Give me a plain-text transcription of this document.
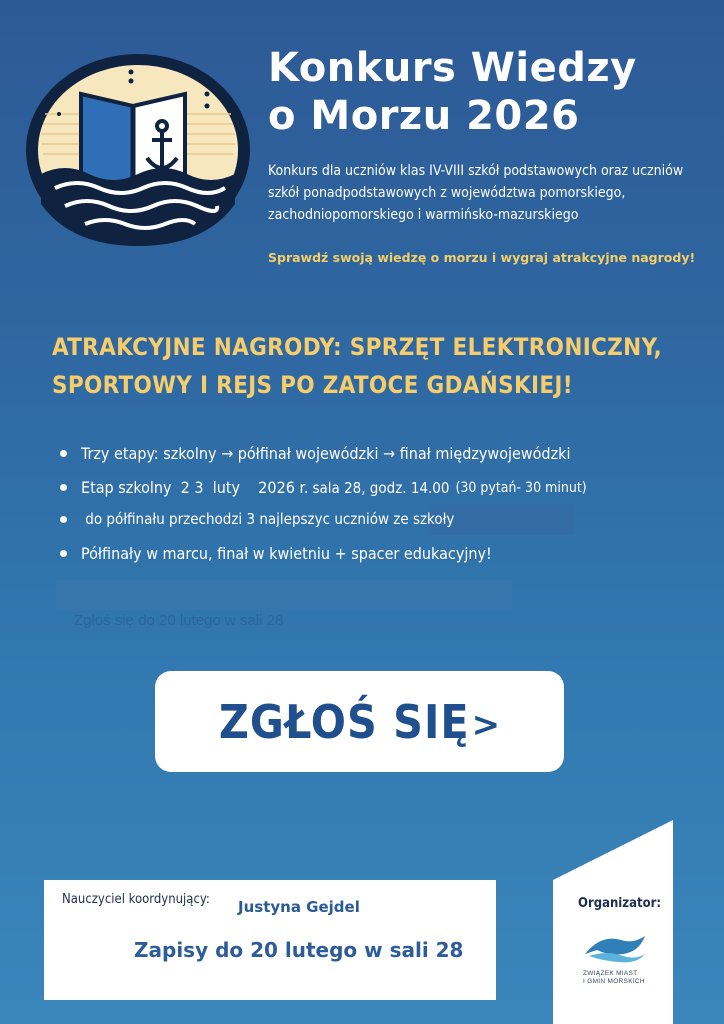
Konkurs Wiedzy
o Morzu 2026
Konkurs dla uczniów klas IV-VIII szkół podstawowych oraz uczniów szkół ponadpodstawowych z województwa pomorskiego, zachodniopomorskiego i warmińsko-mazurskiego
Sprawdź swoją wiedzę o morzu i wygraj atrakcyjne nagrody!
ATRAKCYJNE NAGRODY: SPRZĘT ELEKTRONICZNY,
SPORTOWY I REJS PO ZATOCE GDAŃSKIEJ!
Trzy etapy: szkolny → półfinał wojewódzki → finał międzywojewódzki
Etap szkolny  2 3  luty    2026 r. sala 28, godz. 14.00 (30 pytań- 30 minut)
do półfinału przechodzi 3 najlepszyc uczniów ze szkoły
Półfinały w marcu, finał w kwietniu + spacer edukacyjny!
Zgłoś się do 20 lutego w sali 28
ZGŁOŚ SIĘ >
Nauczyciel koordynujący: Justyna Gejdel
Zapisy do 20 lutego w sali 28
Organizator:
ZWIĄZEK MIAST
I GMIN MORSKICH
